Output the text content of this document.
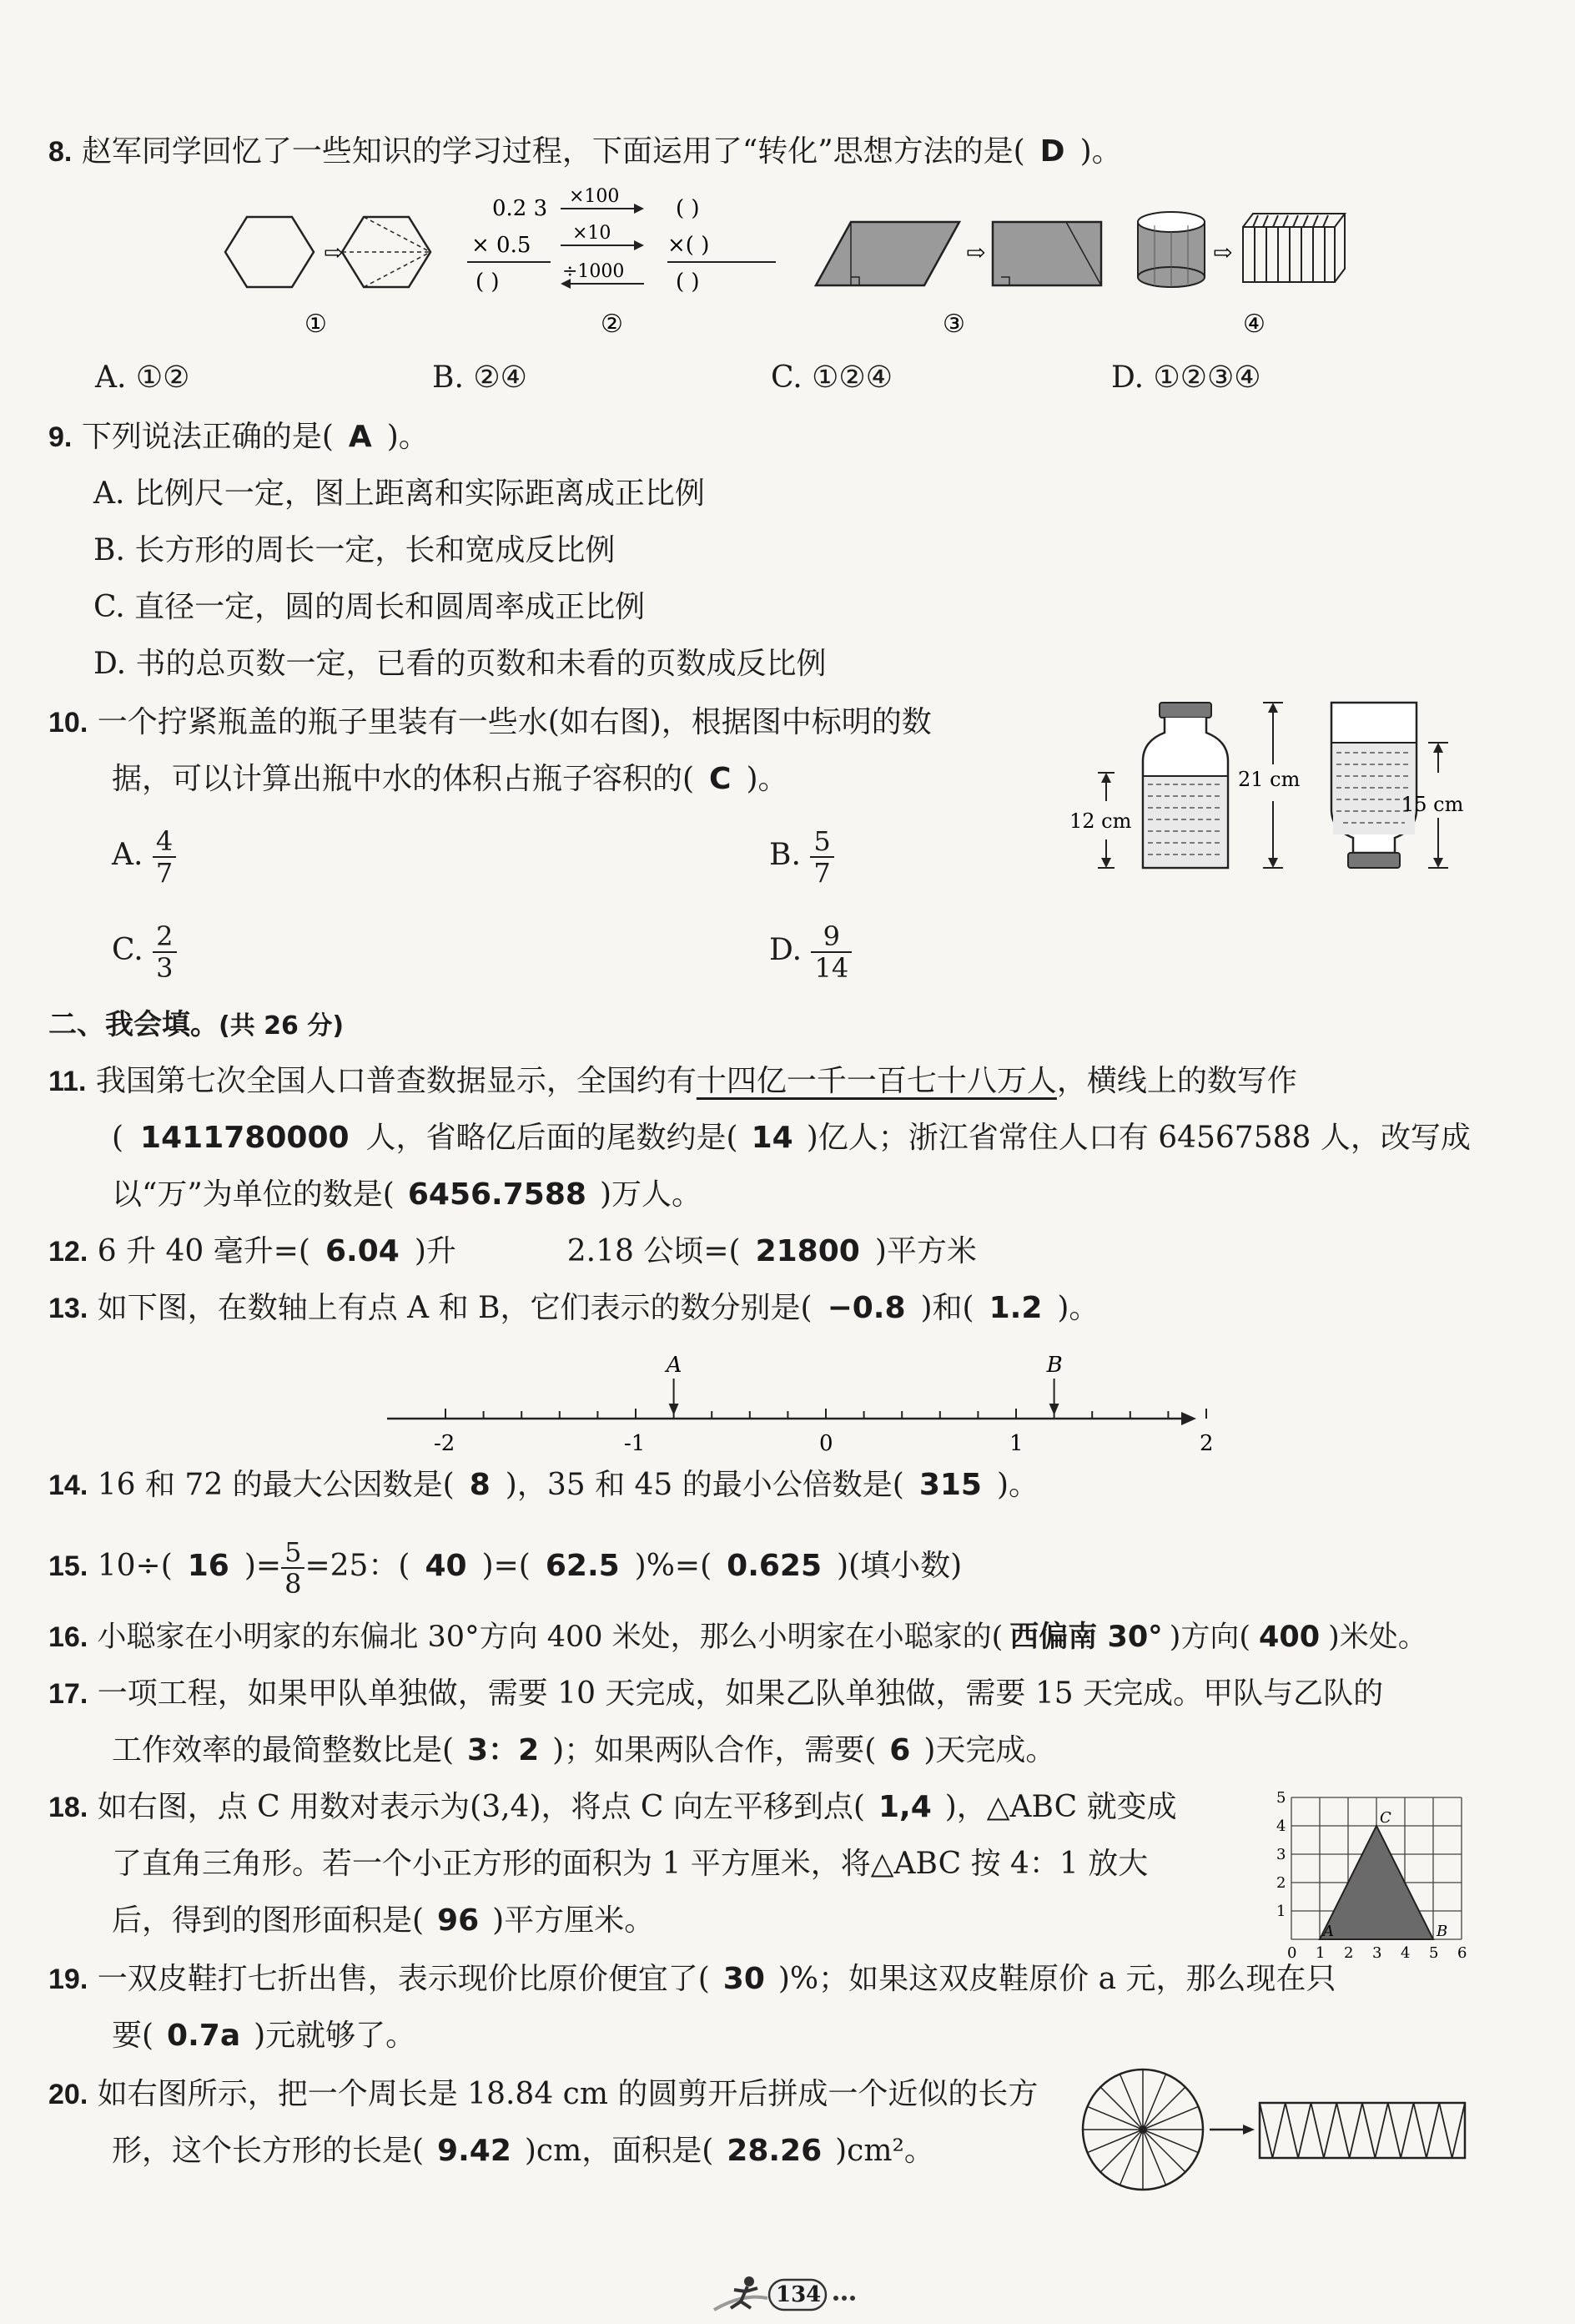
8. 赵军同学回忆了一些知识的学习过程，下面运用了“转化”思想方法的是( D )。
⇨
①
0.2 3
× 0.5
( )
×100
×10
÷1000
( )
×( )
( )
②
⇨
③
⇨
④
A. ①②	B. ②④	C. ①②④	D. ①②③④
9. 下列说法正确的是( A )。
A. 比例尺一定，图上距离和实际距离成正比例
B. 长方形的周长一定，长和宽成反比例
C. 直径一定，圆的周长和圆周率成正比例
D. 书的总页数一定，已看的页数和未看的页数成反比例
10. 一个拧紧瓶盖的瓶子里装有一些水(如右图)，根据图中标明的数
据，可以计算出瓶中水的体积占瓶子容积的( C )。
A. $\frac{4}{7}$	B. $\frac{5}{7}$
C. $\frac{2}{3}$	D. $\frac{9}{14}$
12 cm
21 cm
15 cm
二、我会填。(共 26 分)
11. 我国第七次全国人口普查数据显示，全国约有十四亿一千一百七十八万人，横线上的数写作
( 1411780000 人，省略亿后面的尾数约是( 14 )亿人；浙江省常住人口有 64567588 人，改写成
以“万”为单位的数是( 6456.7588 )万人。
12. 6 升 40 毫升=( 6.04 )升	2.18 公顷=( 21800 )平方米
13. 如下图，在数轴上有点 A 和 B，它们表示的数分别是( −0.8 )和( 1.2 )。
-2	-1	0	1	2
A	B
14. 16 和 72 的最大公因数是( 8 )，35 和 45 的最小公倍数是( 315 )。
15. 10÷( 16 )= $\frac{5}{8} =25$：( 40 )=( 62.5 )%=( 0.625 )(填小数)
16. 小聪家在小明家的东偏北 30°方向 400 米处，那么小明家在小聪家的( 西偏南 30° )方向( 400 )米处。
17. 一项工程，如果甲队单独做，需要 10 天完成，如果乙队单独做，需要 15 天完成。甲队与乙队的
工作效率的最简整数比是( 3：2 )；如果两队合作，需要( 6 )天完成。
18. 如右图，点 C 用数对表示为(3,4)，将点 C 向左平移到点( 1,4 )，△ABC 就变成
了直角三角形。若一个小正方形的面积为 1 平方厘米，将△ABC 按 4：1 放大
后，得到的图形面积是( 96 )平方厘米。
0 1 2 3 4 5 6
1
2
3
4
5
A	B
C
19. 一双皮鞋打七折出售，表示现价比原价便宜了( 30 )%；如果这双皮鞋原价 a 元，那么现在只
要( 0.7a )元就够了。
20. 如右图所示，把一个周长是 18.84 cm 的圆剪开后拼成一个近似的长方
形，这个长方形的长是( 9.42 )cm，面积是( 28.26 )cm²。
134
